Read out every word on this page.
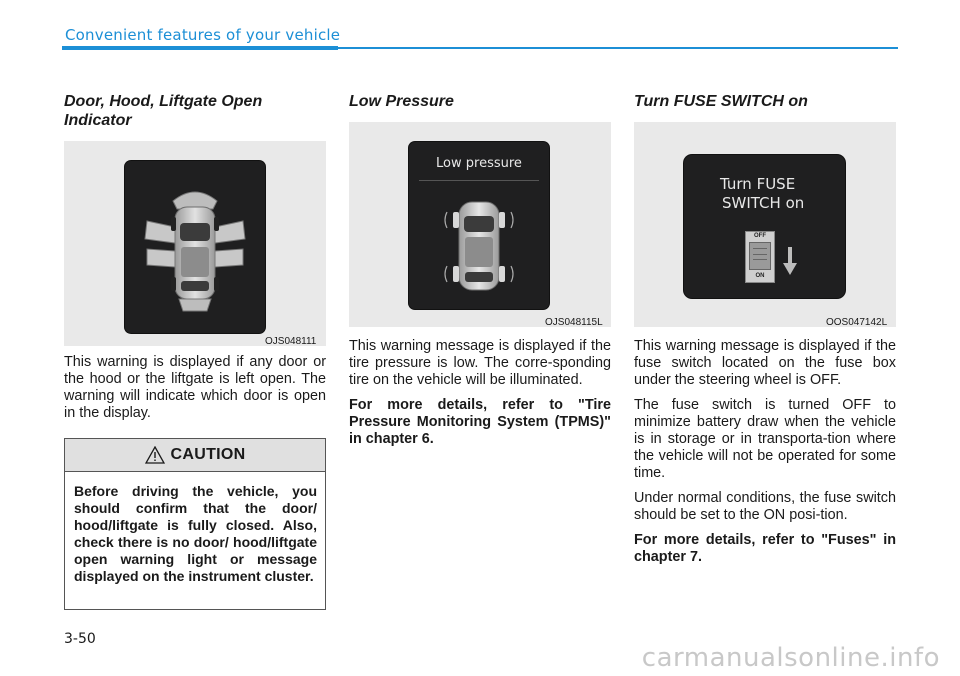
Convenient features of your vehicle
Door, Hood, Liftgate Open Indicator
OJS048111

This warning is displayed if any door or the hood or the liftgate is left open. The warning will indicate which door is open in the display.

CAUTION
Before driving the vehicle, you should confirm that the door/ hood/liftgate is fully closed. Also, check there is no door/ hood/liftgate open warning light or message displayed on the instrument cluster.
Low Pressure
Low pressure
OJS048115L

This warning message is displayed if the tire pressure is low. The corre-sponding tire on the vehicle will be illuminated.

For more details, refer to "Tire Pressure Monitoring System (TPMS)" in chapter 6.

Turn FUSE SWITCH on
Turn FUSE
SWITCH on
OFF
ON
OOS047142L

This warning message is displayed if the fuse switch located on the fuse box under the steering wheel is OFF.

The fuse switch is turned OFF to minimize battery draw when the vehicle is in storage or in transporta-tion where the vehicle will not be operated for some time.

Under normal conditions, the fuse switch should be set to the ON posi-tion.

For more details, refer to "Fuses" in chapter 7.

3-50
carmanualsonline.info
